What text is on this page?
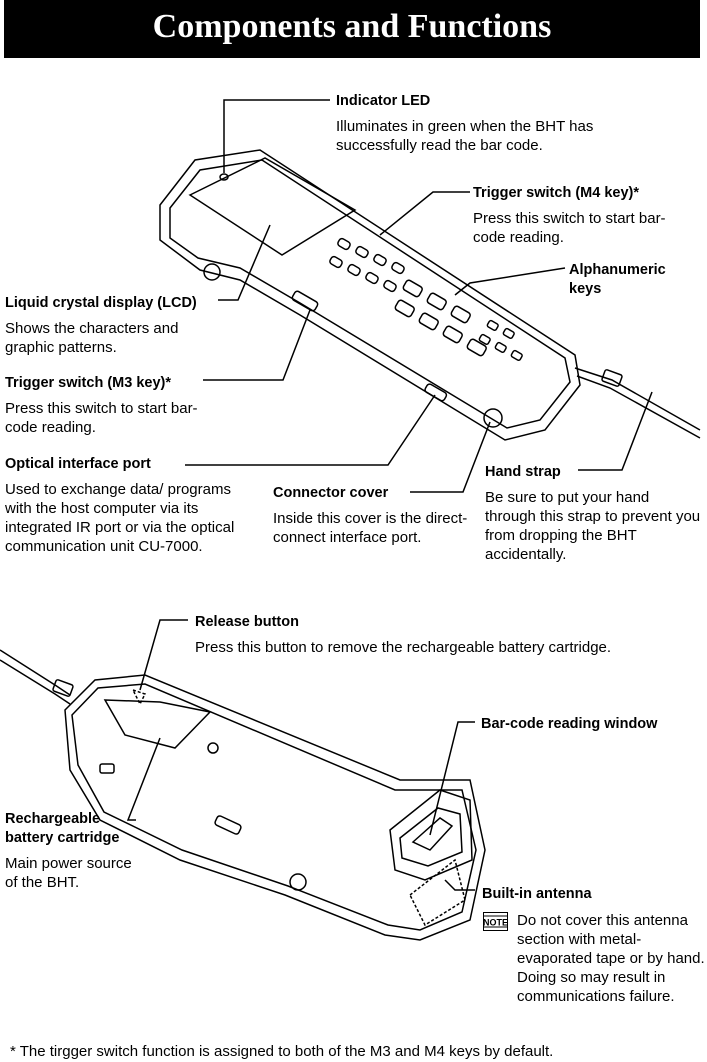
Components and Functions
Indicator LED
Illuminates in green when the BHT has successfully read the bar code.
Trigger switch (M4 key)*
Press this switch to start bar-code reading.
Alphanumeric keys
Liquid crystal display (LCD)
Shows the characters and graphic patterns.
Trigger switch (M3 key)*
Press this switch to start bar-code reading.
Optical interface port
Used to exchange data/ programs with the host computer via its integrated IR port or via the optical communication unit CU-7000.
Connector cover
Inside this cover is the direct-connect interface port.
Hand strap
Be sure to put your hand through this strap to prevent you from dropping the BHT accidentally.
Release button
Press this button to remove the rechargeable battery cartridge.
Bar-code reading window
Rechargeable battery cartridge
Main power source of the BHT.
Built-in antenna
NOTE Do not cover this antenna section with metal-evaporated tape or by hand. Doing so may result in communications failure.
* The tirgger switch function is assigned to both of the M3 and M4 keys by default.
